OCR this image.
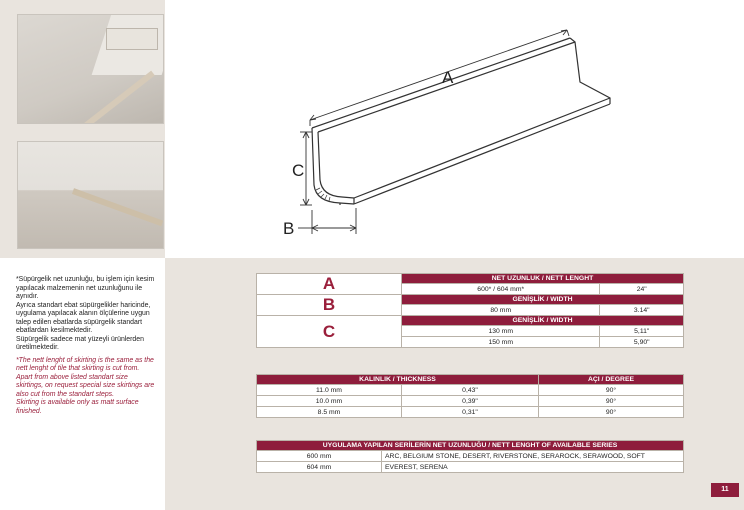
A
C
B

*Süpürgelik net uzunluğu, bu işlem için kesim yapılacak malzemenin net uzunluğunu ile aynıdır.

Ayrıca standart ebat süpürgelikler haricinde, uygulama yapılacak alanın ölçülerine uygun talep edilen ebatlarda süpürgelik standart ebatlardan kesilmektedir.

Süpürgelik sadece mat yüzeyli ürünlerden üretilmektedir.

*The nett lenght of skirting is the same as the nett lenght of tile that skirting is cut from.

Apart from above listed standart size skirtings, on request special size skirtings are also cut from the standart steps.

Skirting is available only as matt surface finished.

A	NET UZUNLUK / NETT LENGHT	
	600* / 604 mm*	24"
B	GENİŞLİK / WIDTH	
	80 mm	3.14"
C	GENİŞLİK / WIDTH	
	130 mm	5,11"
	150 mm	5,90"
KALINLIK / THICKNESS		AÇI / DEGREE
11.0 mm	0,43"	90°
10.0 mm	0,39"	90°
8.5 mm	0,31"	90°
UYGULAMA YAPILAN SERİLERİN NET UZUNLUĞU / NETT LENGHT OF AVAILABLE SERIES	
600 mm	ARC, BELGIUM STONE, DESERT, RIVERSTONE, SERAROCK, SERAWOOD, SOFT
604 mm	EVEREST, SERENA
11
